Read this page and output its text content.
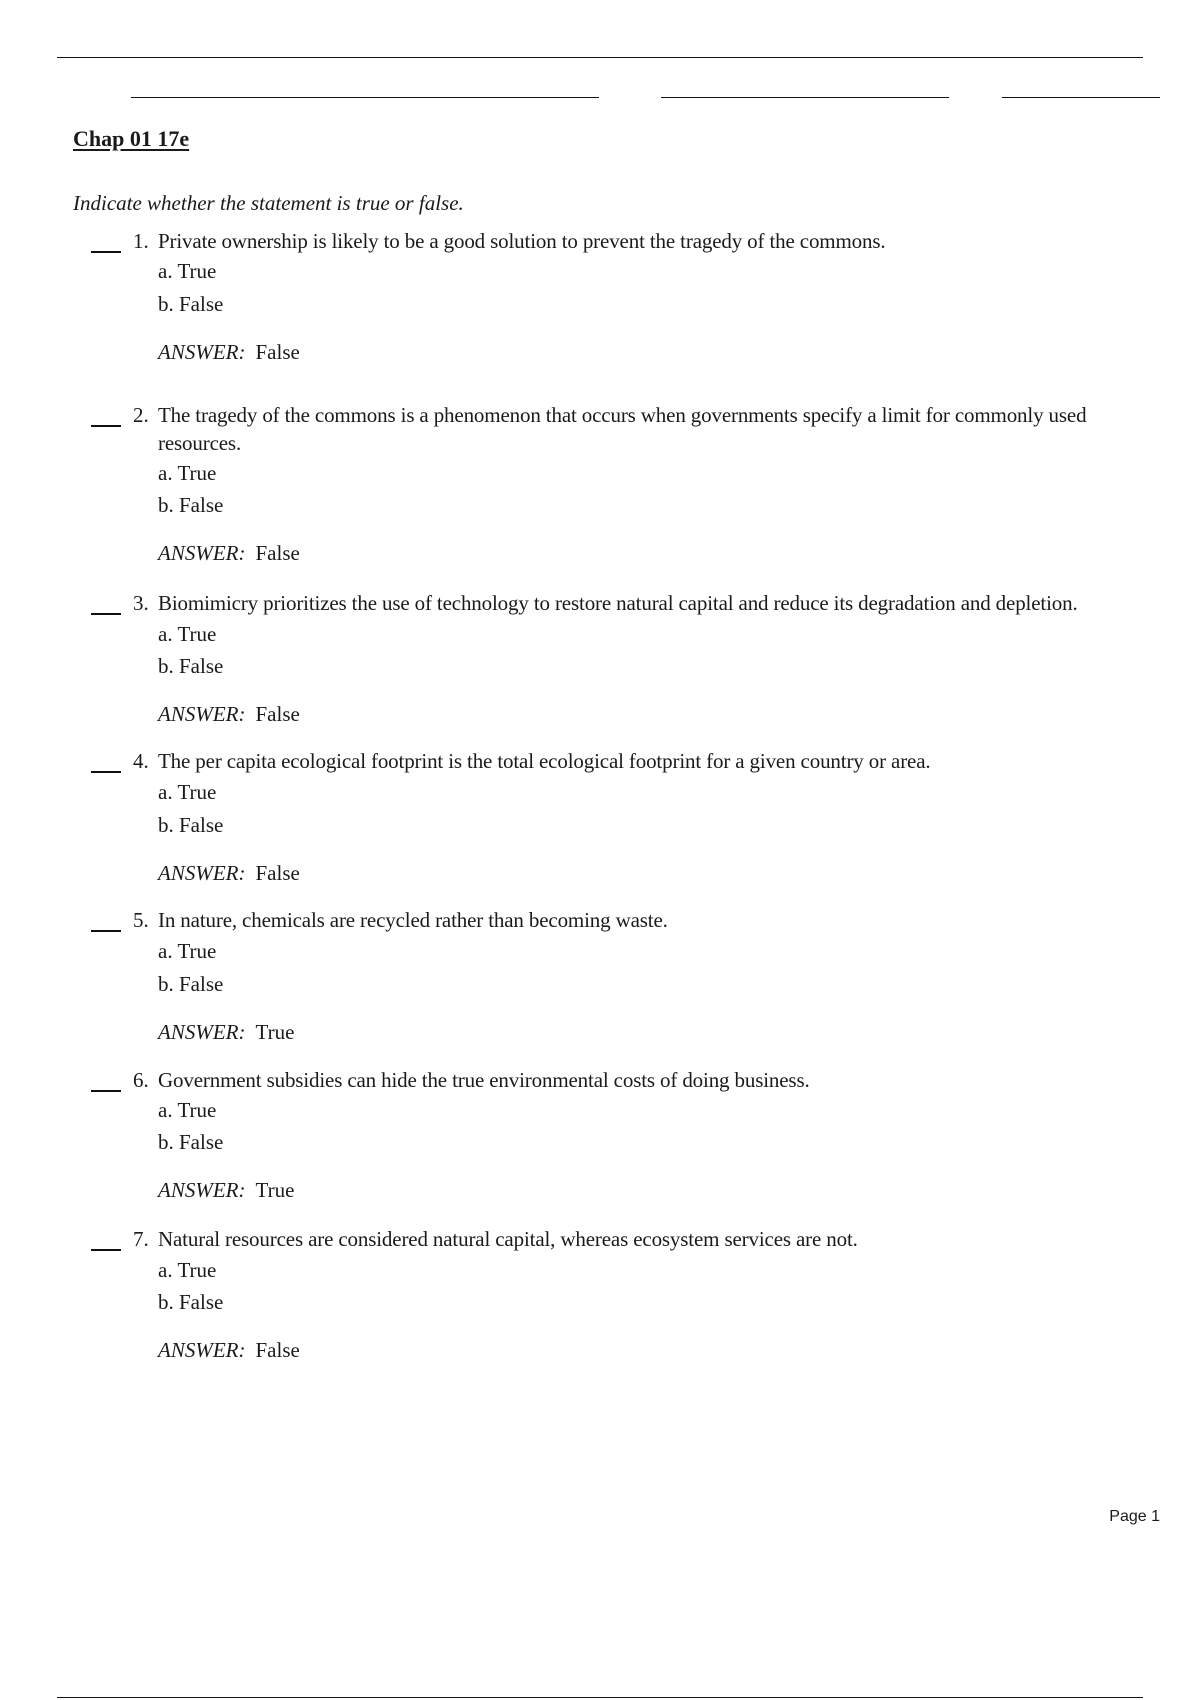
Chap 01 17e

Indicate whether the statement is true or false.

1. Private ownership is likely to be a good solution to prevent the tragedy of the commons.
a. True
b. False
ANSWER: False
2. The tragedy of the commons is a phenomenon that occurs when governments specify a limit for commonly used resources.
a. True
b. False
ANSWER: False
3. Biomimicry prioritizes the use of technology to restore natural capital and reduce its degradation and depletion.
a. True
b. False
ANSWER: False
4. The per capita ecological footprint is the total ecological footprint for a given country or area.
a. True
b. False
ANSWER: False
5. In nature, chemicals are recycled rather than becoming waste.
a. True
b. False
ANSWER: True
6. Government subsidies can hide the true environmental costs of doing business.
a. True
b. False
ANSWER: True
7. Natural resources are considered natural capital, whereas ecosystem services are not.
a. True
b. False
ANSWER: False
Page 1
